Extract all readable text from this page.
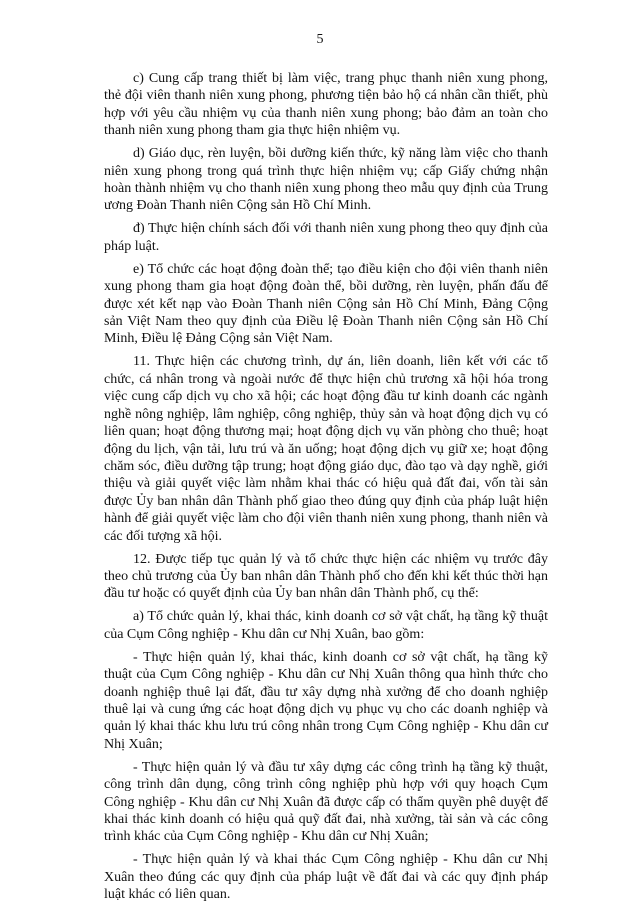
5

c) Cung cấp trang thiết bị làm việc, trang phục thanh niên xung phong, thẻ đội viên thanh niên xung phong, phương tiện bảo hộ cá nhân cần thiết, phù hợp với yêu cầu nhiệm vụ của thanh niên xung phong; bảo đảm an toàn cho thanh niên xung phong tham gia thực hiện nhiệm vụ.

d) Giáo dục, rèn luyện, bồi dưỡng kiến thức, kỹ năng làm việc cho thanh niên xung phong trong quá trình thực hiện nhiệm vụ; cấp Giấy chứng nhận hoàn thành nhiệm vụ cho thanh niên xung phong theo mẫu quy định của Trung ương Đoàn Thanh niên Cộng sản Hồ Chí Minh.

đ) Thực hiện chính sách đối với thanh niên xung phong theo quy định của pháp luật.

e) Tổ chức các hoạt động đoàn thể; tạo điều kiện cho đội viên thanh niên xung phong tham gia hoạt động đoàn thể, bồi dưỡng, rèn luyện, phấn đấu để được xét kết nạp vào Đoàn Thanh niên Cộng sản Hồ Chí Minh, Đảng Cộng sản Việt Nam theo quy định của Điều lệ Đoàn Thanh niên Cộng sản Hồ Chí Minh, Điều lệ Đảng Cộng sản Việt Nam.

11. Thực hiện các chương trình, dự án, liên doanh, liên kết với các tổ chức, cá nhân trong và ngoài nước để thực hiện chủ trương xã hội hóa trong việc cung cấp dịch vụ cho xã hội; các hoạt động đầu tư kinh doanh các ngành nghề nông nghiệp, lâm nghiệp, công nghiệp, thủy sản và hoạt động dịch vụ có liên quan; hoạt động thương mại; hoạt động dịch vụ văn phòng cho thuê; hoạt động du lịch, vận tải, lưu trú và ăn uống; hoạt động dịch vụ giữ xe; hoạt động chăm sóc, điều dưỡng tập trung; hoạt động giáo dục, đào tạo và dạy nghề, giới thiệu và giải quyết việc làm nhằm khai thác có hiệu quả đất đai, vốn tài sản được Ủy ban nhân dân Thành phố giao theo đúng quy định của pháp luật hiện hành để giải quyết việc làm cho đội viên thanh niên xung phong, thanh niên và các đối tượng xã hội.

12. Được tiếp tục quản lý và tổ chức thực hiện các nhiệm vụ trước đây theo chủ trương của Ủy ban nhân dân Thành phố cho đến khi kết thúc thời hạn đầu tư hoặc có quyết định của Ủy ban nhân dân Thành phố, cụ thể:

a) Tổ chức quản lý, khai thác, kinh doanh cơ sở vật chất, hạ tầng kỹ thuật của Cụm Công nghiệp - Khu dân cư Nhị Xuân, bao gồm:

- Thực hiện quản lý, khai thác, kinh doanh cơ sở vật chất, hạ tầng kỹ thuật của Cụm Công nghiệp - Khu dân cư Nhị Xuân thông qua hình thức cho doanh nghiệp thuê lại đất, đầu tư xây dựng nhà xưởng để cho doanh nghiệp thuê lại và cung ứng các hoạt động dịch vụ phục vụ cho các doanh nghiệp và quản lý khai thác khu lưu trú công nhân trong Cụm Công nghiệp - Khu dân cư Nhị Xuân;

- Thực hiện quản lý và đầu tư xây dựng các công trình hạ tầng kỹ thuật, công trình dân dụng, công trình công nghiệp phù hợp với quy hoạch Cụm Công nghiệp - Khu dân cư Nhị Xuân đã được cấp có thẩm quyền phê duyệt để khai thác kinh doanh có hiệu quả quỹ đất đai, nhà xưởng, tài sản và các công trình khác của Cụm Công nghiệp - Khu dân cư Nhị Xuân;

- Thực hiện quản lý và khai thác Cụm Công nghiệp - Khu dân cư Nhị Xuân theo đúng các quy định của pháp luật về đất đai và các quy định pháp luật khác có liên quan.
